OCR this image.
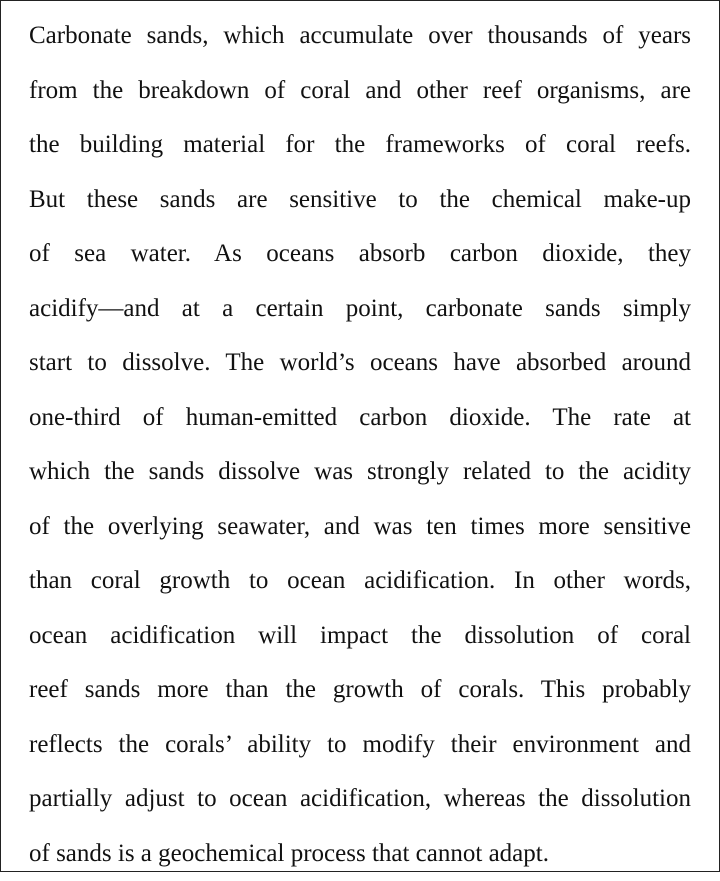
Carbonate sands, which accumulate over thousands of years
from the breakdown of coral and other reef organisms, are
the building material for the frameworks of coral reefs.
But these sands are sensitive to the chemical make-up
of sea water. As oceans absorb carbon dioxide, they
acidify—and at a certain point, carbonate sands simply
start to dissolve. The world’s oceans have absorbed around
one-third of human-emitted carbon dioxide. The rate at
which the sands dissolve was strongly related to the acidity
of the overlying seawater, and was ten times more sensitive
than coral growth to ocean acidification. In other words,
ocean acidification will impact the dissolution of coral
reef sands more than the growth of corals. This probably
reflects the corals’ ability to modify their environment and
partially adjust to ocean acidification, whereas the dissolution
of sands is a geochemical process that cannot adapt.
